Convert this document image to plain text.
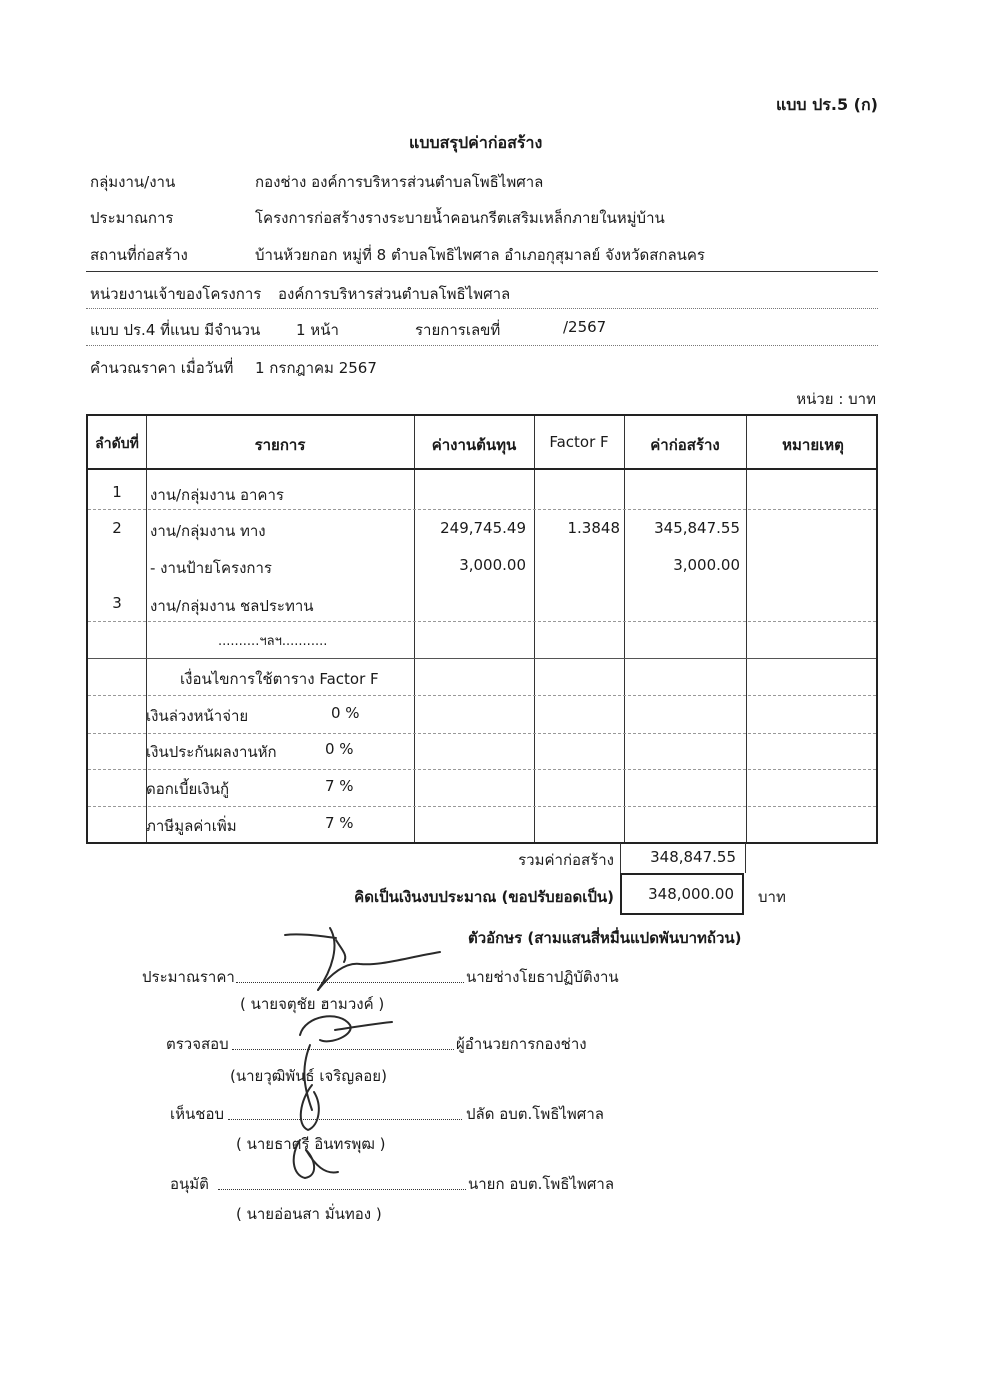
แบบ ปร.5 (ก)
แบบสรุปค่าก่อสร้าง
กลุ่มงาน/งาน	กองช่าง องค์การบริหารส่วนตำบลโพธิไพศาล
ประมาณการ	โครงการก่อสร้างรางระบายน้ำคอนกรีตเสริมเหล็กภายในหมู่บ้าน
สถานที่ก่อสร้าง	บ้านห้วยกอก หมู่ที่ 8 ตำบลโพธิไพศาล อำเภอกุสุมาลย์ จังหวัดสกลนคร
หน่วยงานเจ้าของโครงการ องค์การบริหารส่วนตำบลโพธิไพศาล
แบบ ปร.4 ที่แนบ มีจำนวน 1 หน้า	รายการเลขที่	/2567
คำนวณราคา เมื่อวันที่ 1 กรกฎาคม 2567
หน่วย : บาท
ลำดับที่	รายการ	ค่างานต้นทุน	Factor F	ค่าก่อสร้าง	หมายเหตุ
1	งาน/กลุ่มงาน อาคาร
2	งาน/กลุ่มงาน ทาง	249,745.49	1.3848	345,847.55
- งานป้ายโครงการ	3,000.00	3,000.00
3	งาน/กลุ่มงาน ชลประทาน
..........ฯลฯ...........
เงื่อนไขการใช้ตาราง Factor F
เงินล่วงหน้าจ่าย	0 %
เงินประกันผลงานหัก	0 %
ดอกเบี้ยเงินกู้	7 %
ภาษีมูลค่าเพิ่ม	7 %
รวมค่าก่อสร้าง 348,847.55
คิดเป็นเงินงบประมาณ (ขอปรับยอดเป็น) 348,000.00 บาท
ตัวอักษร (สามแสนสี่หมื่นแปดพันบาทถ้วน)
ประมาณราคา	นายช่างโยธาปฏิบัติงาน
( นายจตุชัย ฮามวงค์ )
ตรวจสอบ	ผู้อำนวยการกองช่าง
(นายวุฒิพันธ์ เจริญลอย)
เห็นชอบ	ปลัด อบต.โพธิไพศาล
( นายธาตรี อินทรพุฒ )
อนุมัติ	นายก อบต.โพธิไพศาล
( นายอ่อนสา มั่นทอง )
